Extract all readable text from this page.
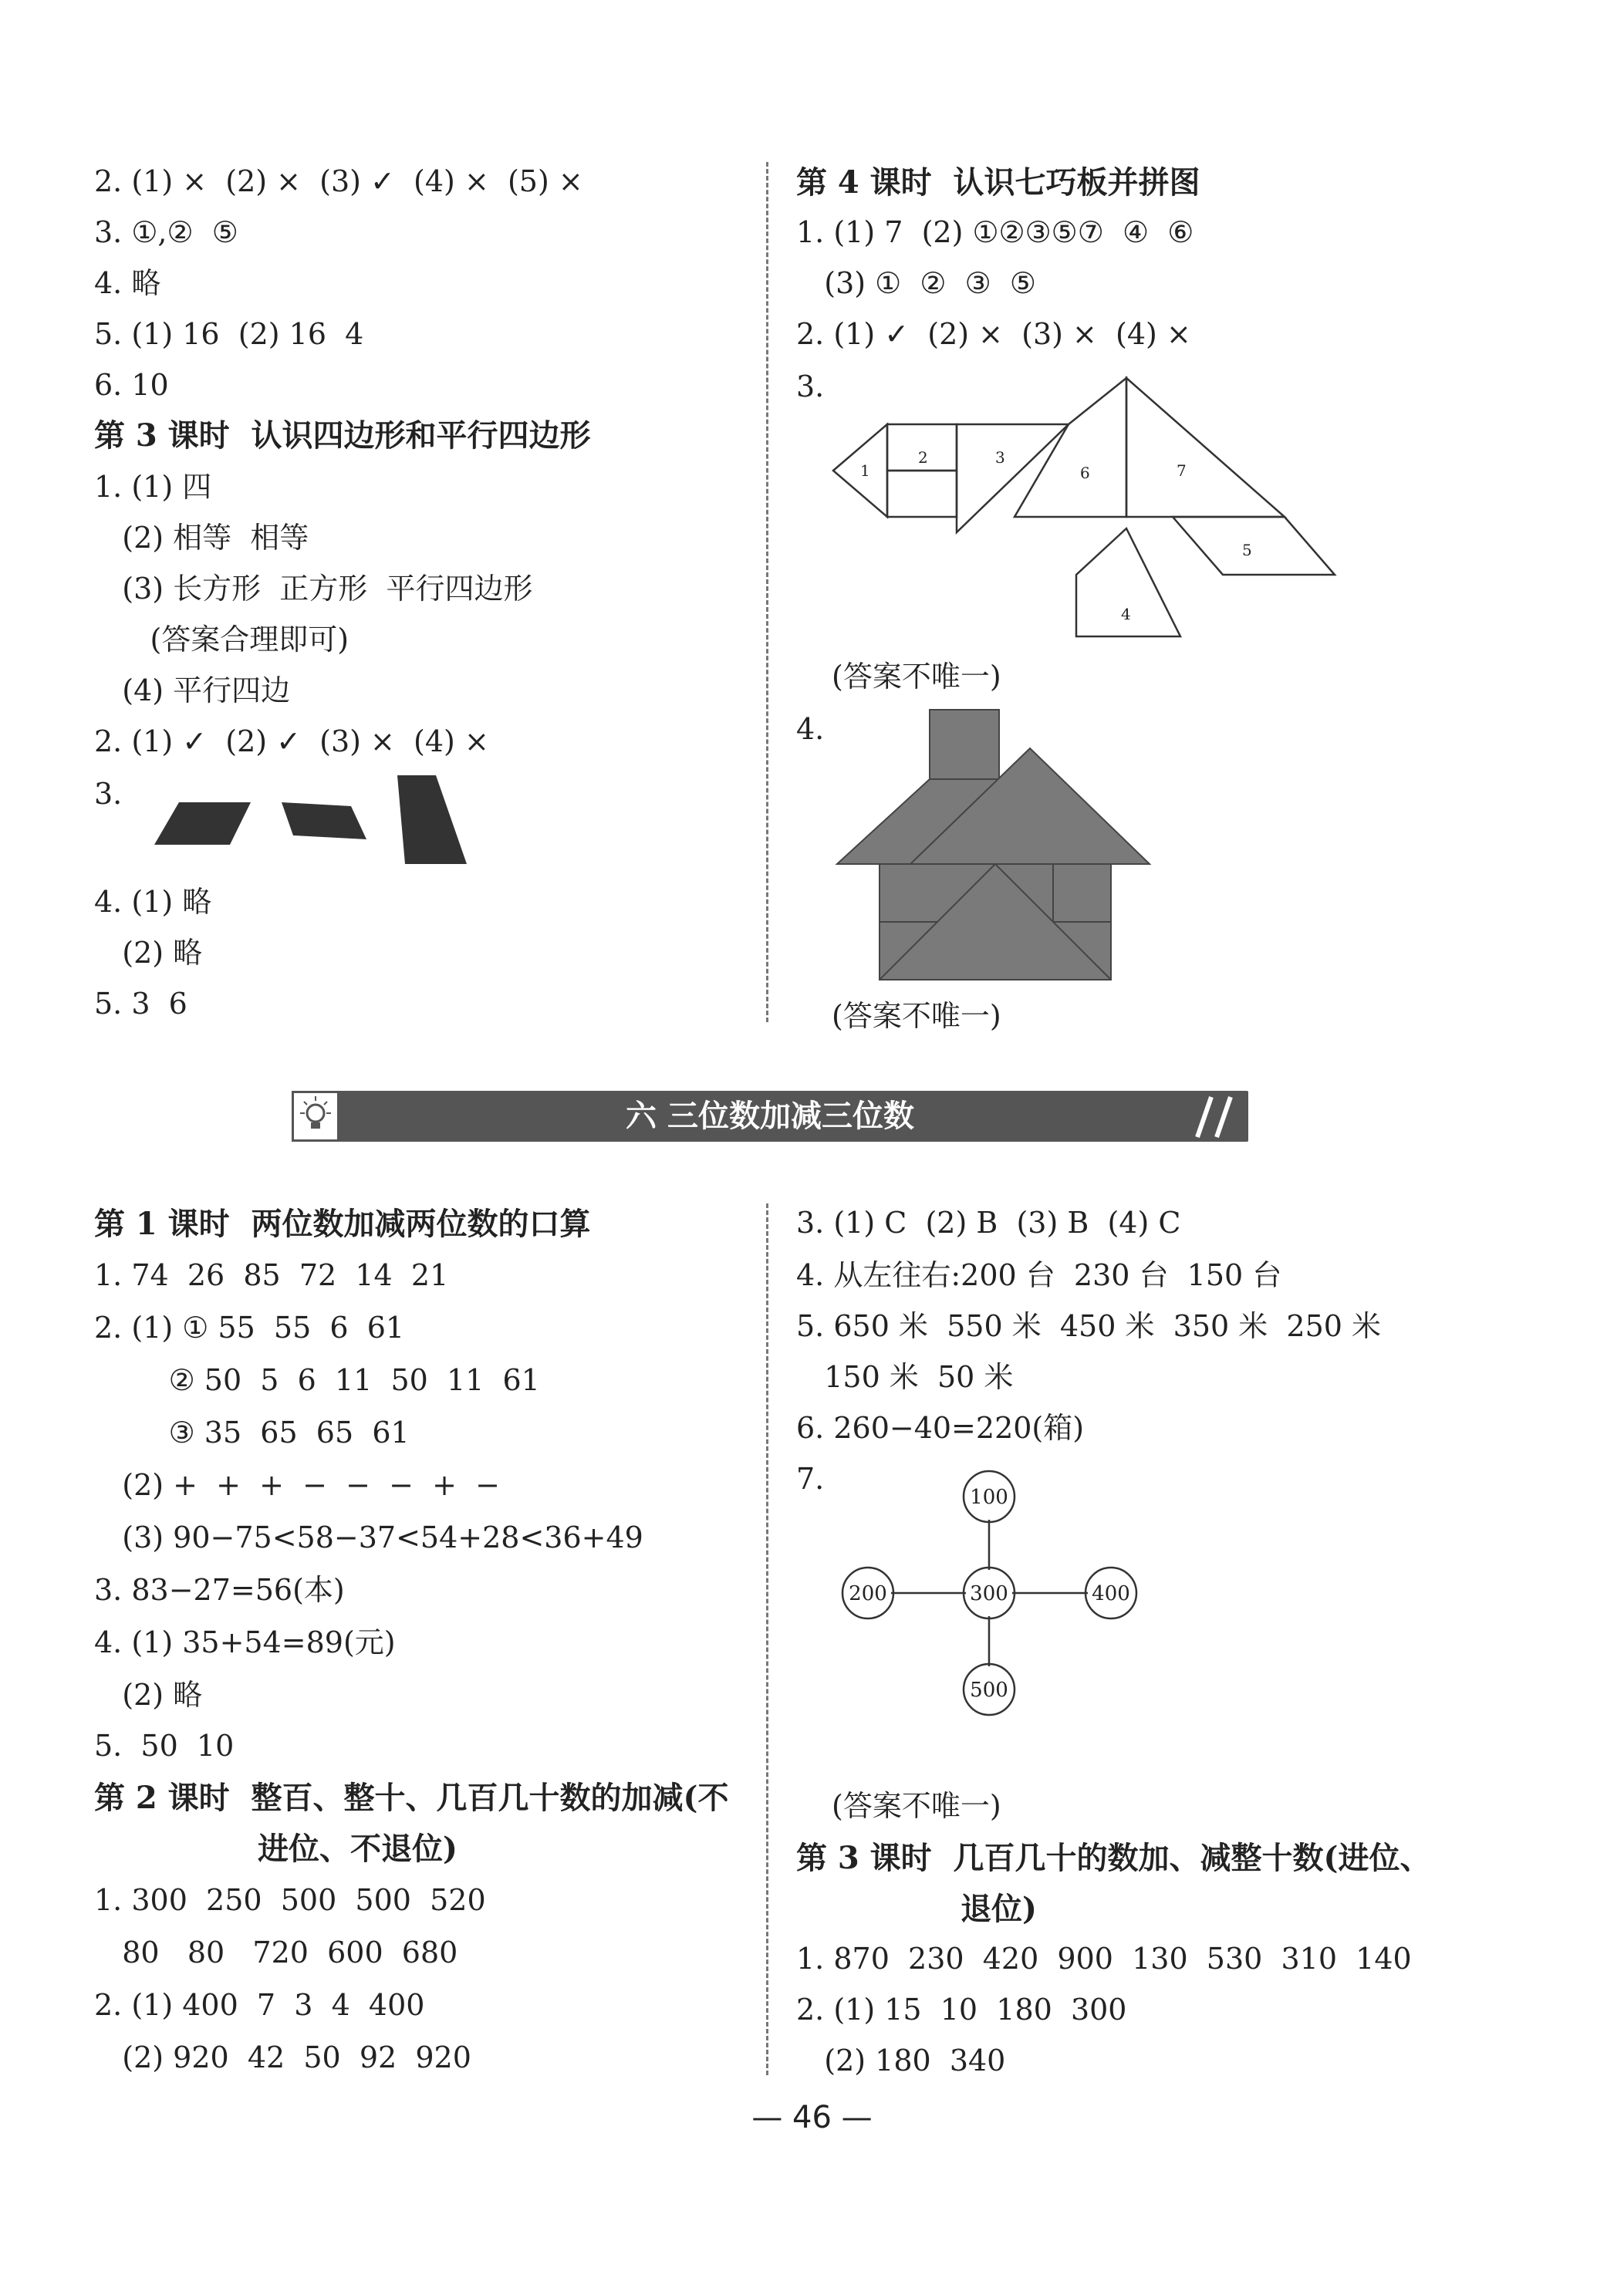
2. (1) ×  (2) ×  (3) ✓  (4) ×  (5) ×
3. ①,②  ⑤
4. 略
5. (1) 16  (2) 16  4
6. 10
第 3 课时  认识四边形和平行四边形
1. (1) 四
(2) 相等  相等
(3) 长方形  正方形  平行四边形
(答案合理即可)
(4) 平行四边
2. (1) ✓  (2) ✓  (3) ×  (4) ×
3.
4. (1) 略
(2) 略
5. 3  6
第 4 课时  认识七巧板并拼图
1. (1) 7  (2) ①②③⑤⑦  ④  ⑥
(3) ①  ②  ③  ⑤
2. (1) ✓  (2) ×  (3) ×  (4) ×
3.
1
2	3
6	7
5
4
(答案不唯一)
4.
(答案不唯一)
六 三位数加减三位数
第 1 课时  两位数加减两位数的口算
1. 74  26  85  72  14  21
2. (1) ① 55  55  6  61
② 50  5  6  11  50  11  61
③ 35  65  65  61
(2) +  +  +  −  −  −  +  −
(3) 90−75<58−37<54+28<36+49
3. 83−27=56(本)
4. (1) 35+54=89(元)
(2) 略
5.  50  10
第 2 课时  整百、整十、几百几十数的加减(不
进位、不退位)
1. 300  250  500  500  520
80   80   720  600  680
2. (1) 400  7  3  4  400
(2) 920  42  50  92  920
3. (1) C  (2) B  (3) B  (4) C
4. 从左往右:200 台  230 台  150 台
5. 650 米  550 米  450 米  350 米  250 米
150 米  50 米
6. 260−40=220(箱)
7.
100
200	300	400
500
(答案不唯一)
第 3 课时  几百几十的数加、减整十数(进位、
退位)
1. 870  230  420  900  130  530  310  140
2. (1) 15  10  180  300
(2) 180  340
— 46 —
